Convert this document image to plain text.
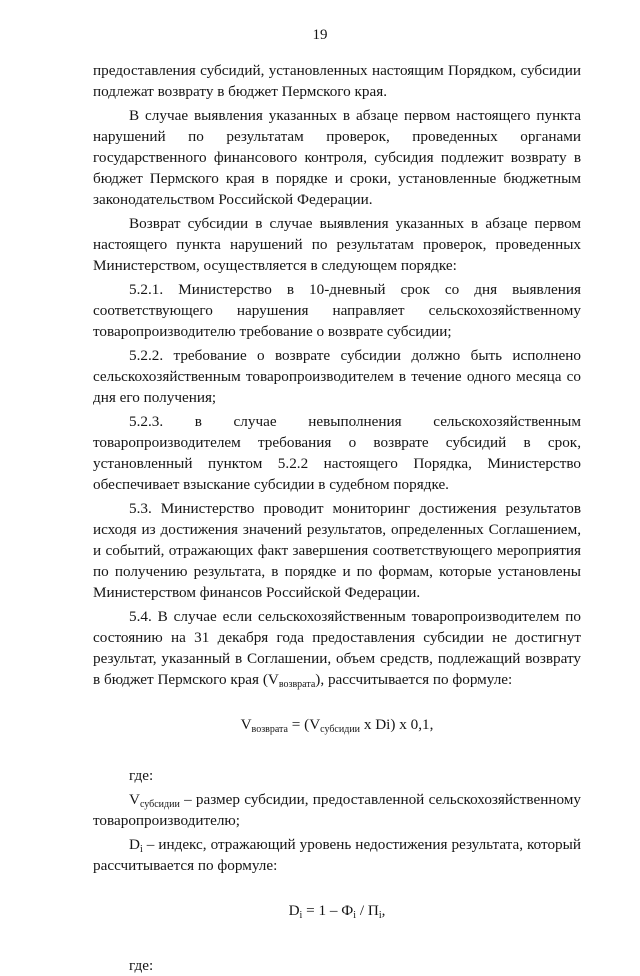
19

предоставления субсидий, установленных настоящим Порядком, субсидии подлежат возврату в бюджет Пермского края.

В случае выявления указанных в абзаце первом настоящего пункта нарушений по результатам проверок, проведенных органами государственного финансового контроля, субсидия подлежит возврату в бюджет Пермского края в порядке и сроки, установленные бюджетным законодательством Российской Федерации.

Возврат субсидии в случае выявления указанных в абзаце первом настоящего пункта нарушений по результатам проверок, проведенных Министерством, осуществляется в следующем порядке:

5.2.1. Министерство в 10-дневный срок со дня выявления соответствующего нарушения направляет сельскохозяйственному товаропроизводителю требование о возврате субсидии;

5.2.2. требование о возврате субсидии должно быть исполнено сельскохозяйственным товаропроизводителем в течение одного месяца со дня его получения;

5.2.3. в случае невыполнения сельскохозяйственным товаропроизводителем требования о возврате субсидий в срок, установленный пунктом 5.2.2 настоящего Порядка, Министерство обеспечивает взыскание субсидии в судебном порядке.

5.3. Министерство проводит мониторинг достижения результатов исходя из достижения значений результатов, определенных Соглашением, и событий, отражающих факт завершения соответствующего мероприятия по получению результата, в порядке и по формам, которые установлены Министерством финансов Российской Федерации.

5.4. В случае если сельскохозяйственным товаропроизводителем по состоянию на 31 декабря года предоставления субсидии не достигнут результат, указанный в Соглашении, объем средств, подлежащий возврату в бюджет Пермского края $(V_{возврата})$, рассчитывается по формуле:

$V_{возврата} = (V_{субсидии}$ x Di) x 0,1,

где:

$V_{субсидии}$ – размер субсидии, предоставленной сельскохозяйственному товаропроизводителю;

$D_i$ – индекс, отражающий уровень недостижения результата, который рассчитывается по формуле:

$D_i = 1 - Ф_i / П_i$,

где:
